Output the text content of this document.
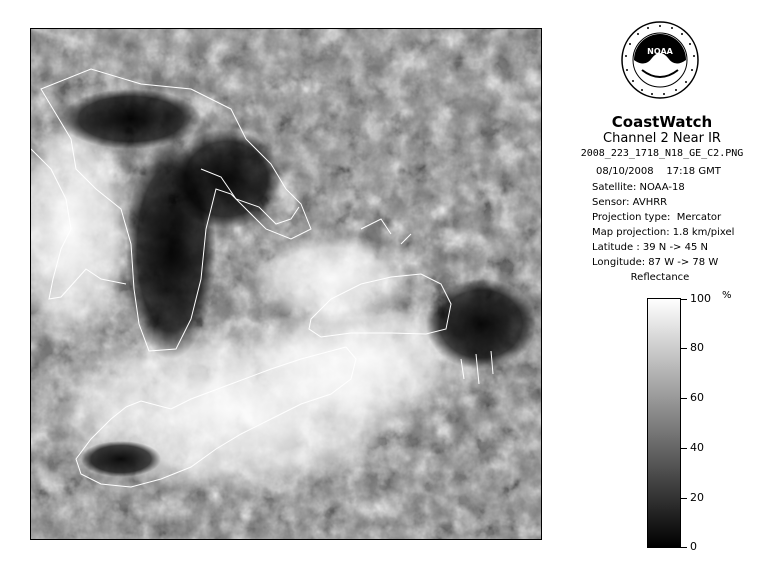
NOAA
CoastWatch
Channel 2 Near IR
2008_223_1718_N18_GE_C2.PNG
08/10/2008    17:18 GMT
Satellite: NOAA-18
Sensor: AVHRR
Projection type:  Mercator
Map projection: 1.8 km/pixel
Latitude : 39 N -> 45 N
Longitude: 87 W -> 78 W
Reflectance
%
100
80
60
40
20
0
